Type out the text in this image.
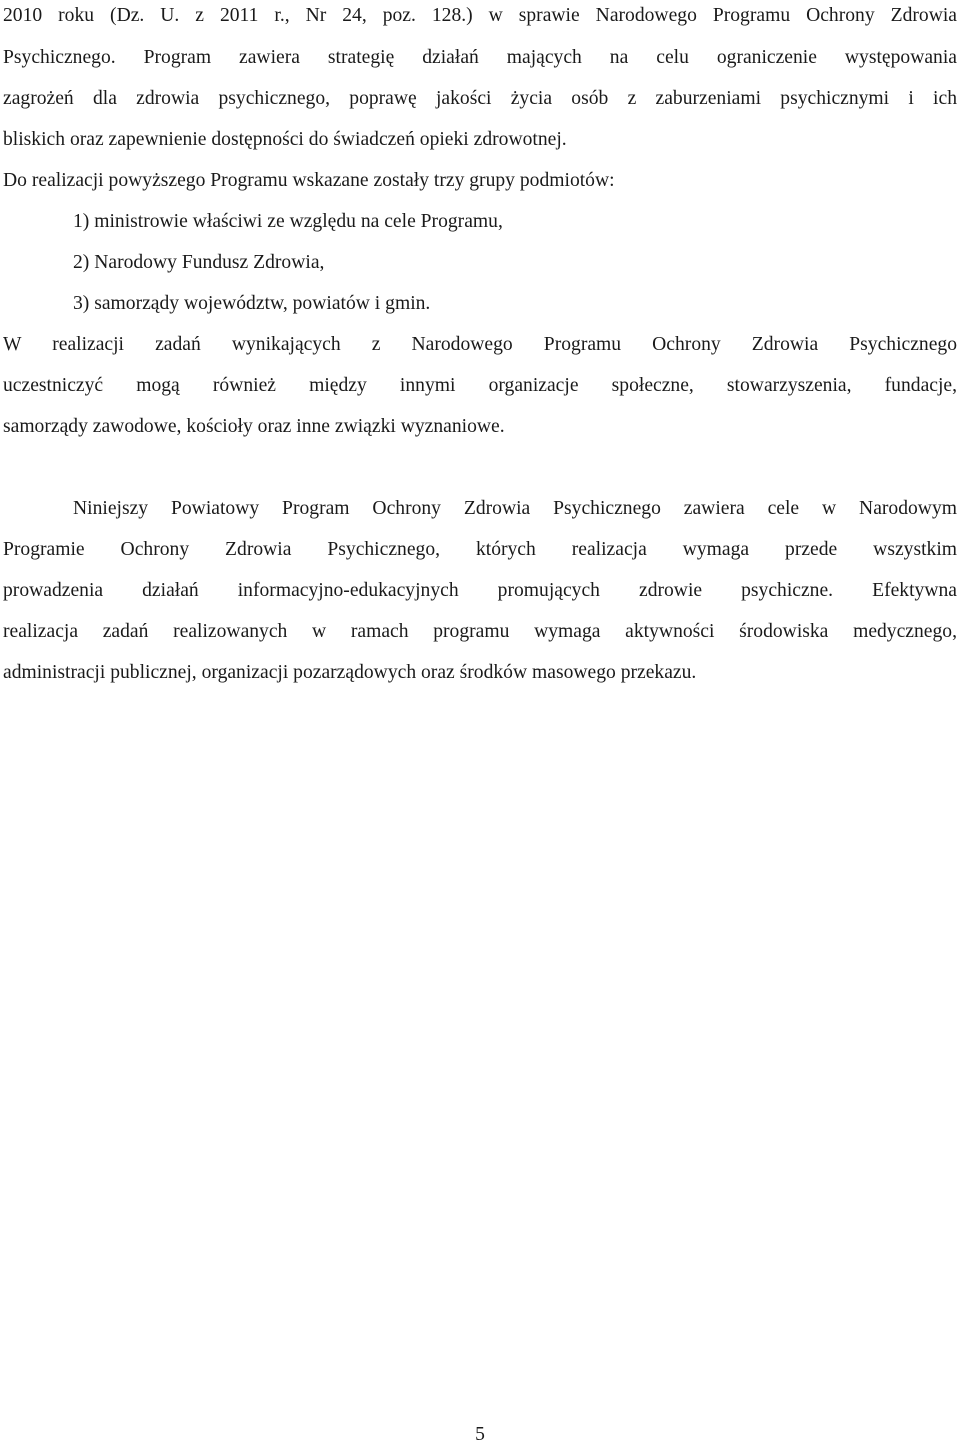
2010 roku (Dz. U. z 2011 r., Nr 24, poz. 128.) w sprawie Narodowego Programu Ochrony Zdrowia
Psychicznego. Program zawiera strategię działań mających na celu ograniczenie występowania
zagrożeń dla zdrowia psychicznego, poprawę jakości życia osób z zaburzeniami psychicznymi i ich
bliskich oraz zapewnienie dostępności do świadczeń opieki zdrowotnej.
Do realizacji powyższego Programu wskazane zostały trzy grupy podmiotów:
1) ministrowie właściwi ze względu na cele Programu,
2) Narodowy Fundusz Zdrowia,
3) samorządy województw, powiatów i gmin.
W realizacji zadań wynikających z Narodowego Programu Ochrony Zdrowia Psychicznego
uczestniczyć mogą również między innymi organizacje społeczne, stowarzyszenia, fundacje,
samorządy zawodowe, kościoły oraz inne związki wyznaniowe.
Niniejszy Powiatowy Program Ochrony Zdrowia Psychicznego zawiera cele w Narodowym
Programie Ochrony Zdrowia Psychicznego, których realizacja wymaga przede wszystkim
prowadzenia działań informacyjno-edukacyjnych promujących zdrowie psychiczne. Efektywna
realizacja zadań realizowanych w ramach programu wymaga aktywności środowiska medycznego,
administracji publicznej, organizacji pozarządowych oraz środków masowego przekazu.
5
